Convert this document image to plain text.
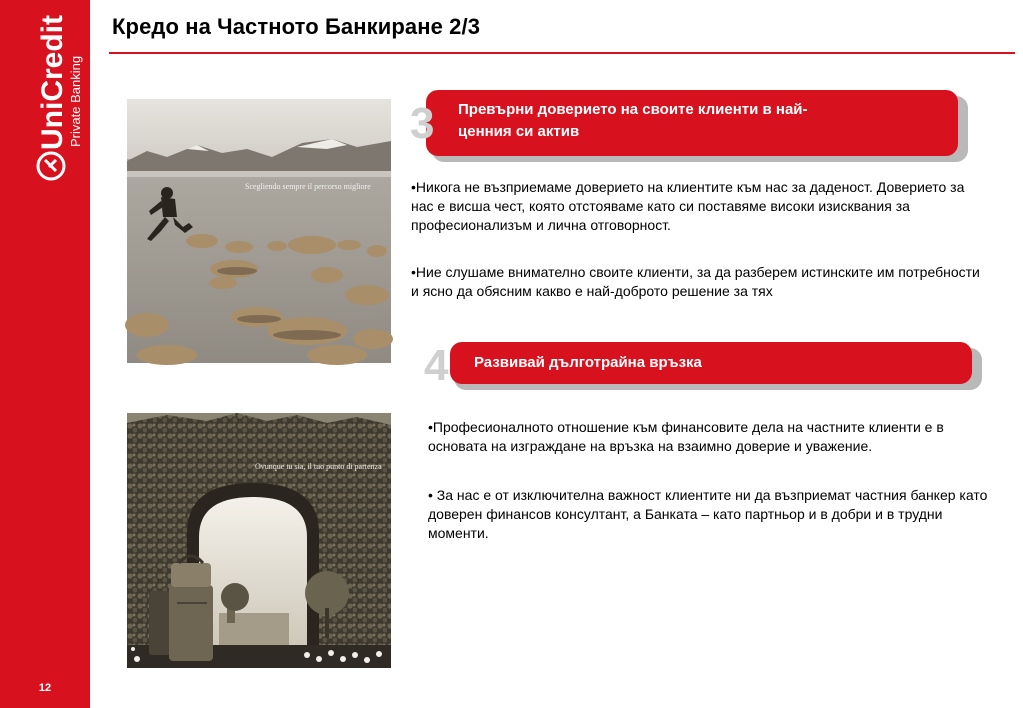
UniCredit Private Banking
12
Кредо на Частното Банкиране 2/3
Scegliendo sempre il percorso migliore
Ovunque tu sia, il tuo punto di partenza
Превърни доверието на своите клиенти в най-
ценния си актив
3

•Никога не възприемаме доверието на клиентите към нас за даденост. Доверието за нас е висша чест, която отстояваме като си поставяме високи изисквания за професионализъм и лична отговорност.

•Ние слушаме внимателно своите клиенти, за да разберем истинските им потребности и ясно да обясним какво е най-доброто решение за тях

Развивай дълготрайна връзка
4

•Професионалното отношение към финансовите дела на частните клиенти е в основата на изграждане на връзка на взаимно доверие и уважение.

• За нас е от изключителна важност клиентите ни да възприемат частния банкер като доверен финансов консултант, а Банката – като партньор и в добри и в трудни моменти.
